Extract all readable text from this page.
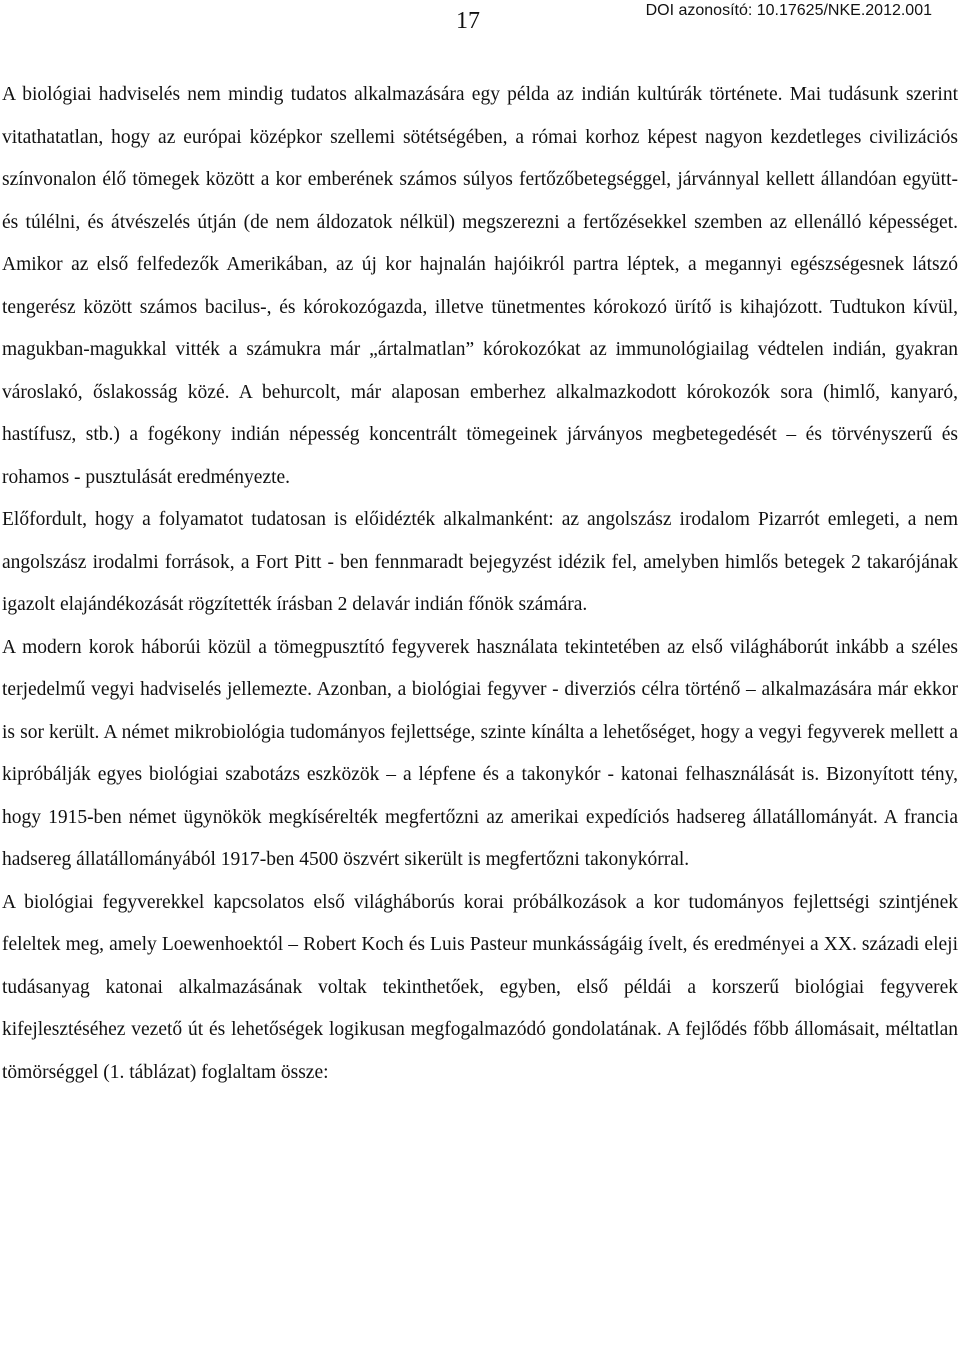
17	DOI azonosító: 10.17625/NKE.2012.001

A biológiai hadviselés nem mindig tudatos alkalmazására egy példa az indián kultúrák története. Mai tudásunk szerint vitathatatlan, hogy az európai középkor szellemi sötétségében, a római korhoz képest nagyon kezdetleges civilizációs színvonalon élő tömegek között a kor emberének számos súlyos fertőzőbetegséggel, járvánnyal kellett állandóan együtt- és túlélni, és átvészelés útján (de nem áldozatok nélkül) megszerezni a fertőzésekkel szemben az ellenálló képességet. Amikor az első felfedezők Amerikában, az új kor hajnalán hajóikról partra léptek, a megannyi egészségesnek látszó tengerész között számos bacilus-, és kórokozógazda, illetve tünetmentes kórokozó ürítő is kihajózott. Tudtukon kívül, magukban-magukkal vitték a számukra már „ártalmatlan” kórokozókat az immunológiailag védtelen indián, gyakran városlakó, őslakosság közé. A behurcolt, már alaposan emberhez alkalmazkodott kórokozók sora (himlő, kanyaró, hastífusz, stb.) a fogékony indián népesség koncentrált tömegeinek járványos megbetegedését – és törvényszerű és rohamos - pusztulását eredményezte.

Előfordult, hogy a folyamatot tudatosan is előidézték alkalmanként: az angolszász irodalom Pizarrót emlegeti, a nem angolszász irodalmi források, a Fort Pitt - ben fennmaradt bejegyzést idézik fel, amelyben himlős betegek 2 takarójának igazolt elajándékozását rögzítették írásban 2 delavár indián főnök számára.

A modern korok háborúi közül a tömegpusztító fegyverek használata tekintetében az első világháborút inkább a széles terjedelmű vegyi hadviselés jellemezte. Azonban, a biológiai fegyver - diverziós célra történő – alkalmazására már ekkor is sor került. A német mikrobiológia tudományos fejlettsége, szinte kínálta a lehetőséget, hogy a vegyi fegyverek mellett a kipróbálják egyes biológiai szabotázs eszközök – a lépfene és a takonykór - katonai felhasználását is. Bizonyított tény, hogy 1915-ben német ügynökök megkísérelték megfertőzni az amerikai expedíciós hadsereg állatállományát. A francia hadsereg állatállományából 1917-ben 4500 öszvért sikerült is megfertőzni takonykórral.

A biológiai fegyverekkel kapcsolatos első világháborús korai próbálkozások a kor tudományos fejlettségi szintjének feleltek meg, amely Loewenhoektól – Robert Koch és Luis Pasteur munkásságáig ívelt, és eredményei a XX. századi eleji tudásanyag katonai alkalmazásának voltak tekinthetőek, egyben, első példái a korszerű biológiai fegyverek kifejlesztéséhez vezető út és lehetőségek logikusan megfogalmazódó gondolatának. A fejlődés főbb állomásait, méltatlan tömörséggel (1. táblázat) foglaltam össze:
